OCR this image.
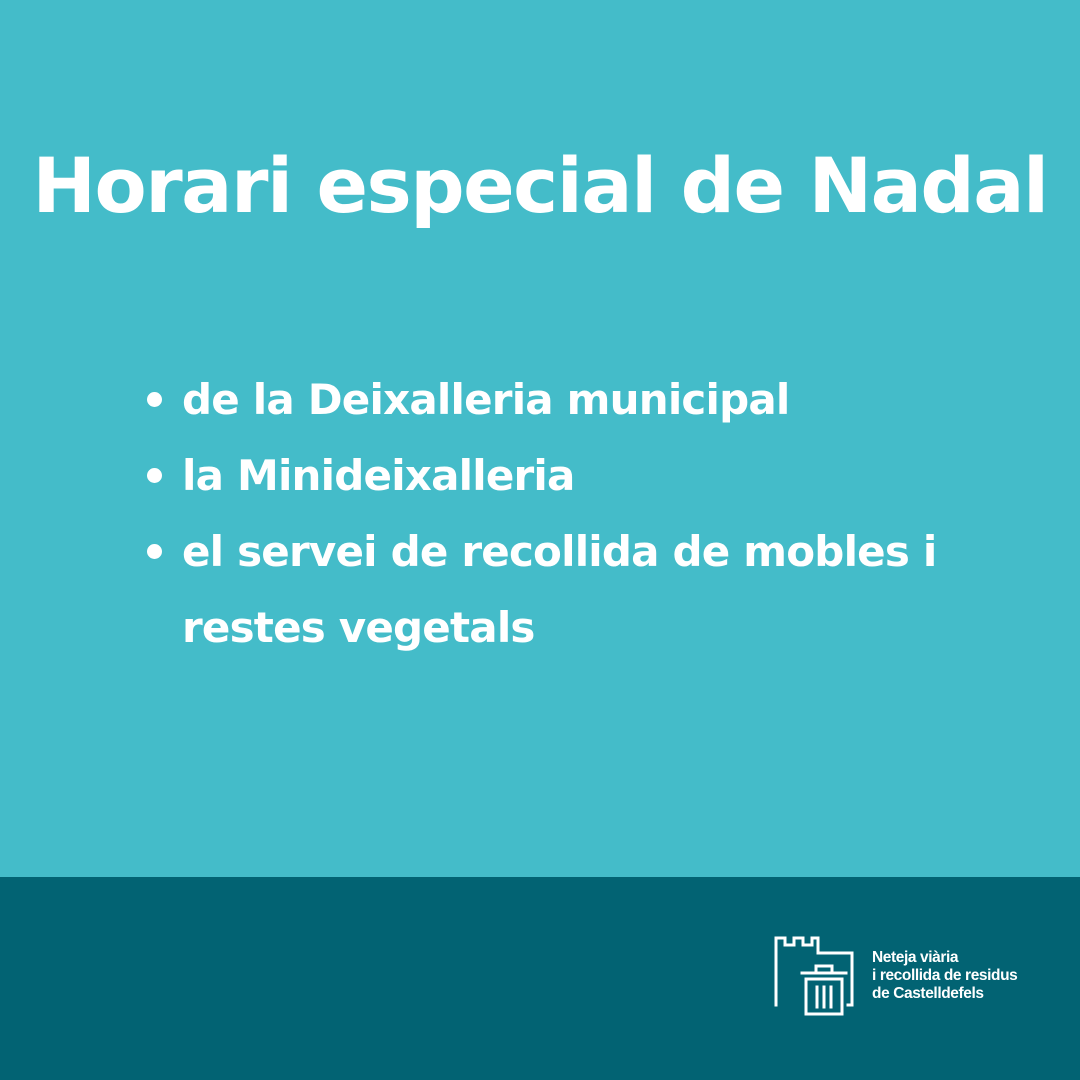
Horari especial de Nadal
de la Deixalleria municipal
la Minideixalleria
el servei de recollida de mobles i restes vegetals
Neteja viària
i recollida de residus
de Castelldefels
